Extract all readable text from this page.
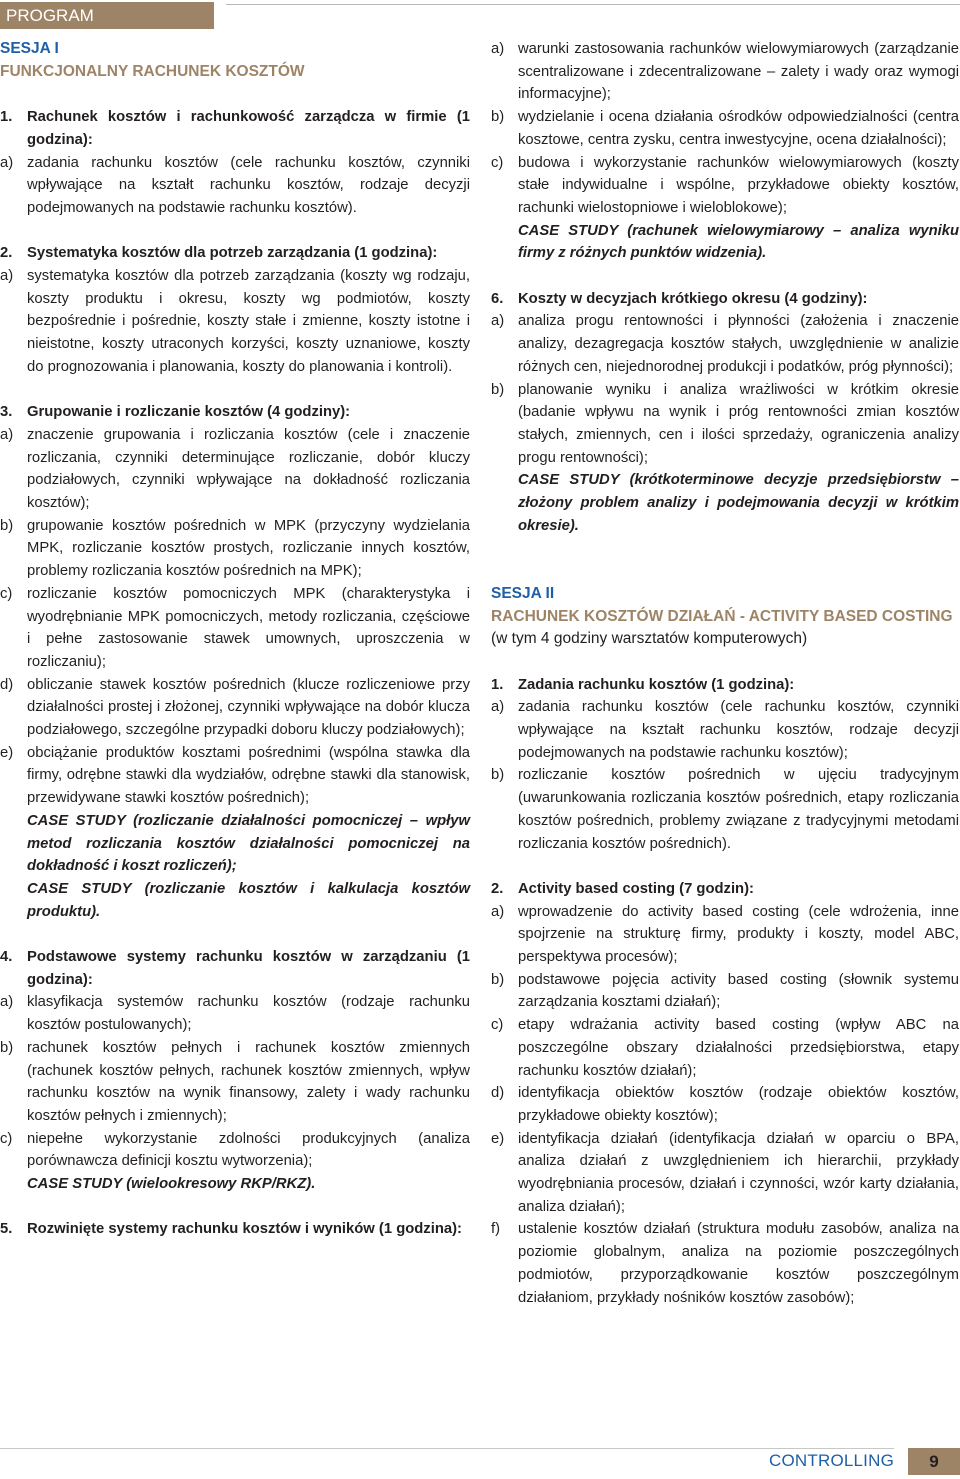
PROGRAM
SESJA I
FUNKCJONALNY RACHUNEK KOSZTÓW
1. Rachunek kosztów i rachunkowość zarządcza w firmie (1 godzina):
a) zadania rachunku kosztów (cele rachunku kosztów, czynniki wpływające na kształt rachunku kosztów, rodzaje decyzji podejmowanych na podstawie rachunku kosztów).
2. Systematyka kosztów dla potrzeb zarządzania (1 godzina):
a) systematyka kosztów dla potrzeb zarządzania (koszty wg rodzaju, koszty produktu i okresu, koszty wg podmiotów, koszty bezpośrednie i pośrednie, koszty stałe i zmienne, koszty istotne i nieistotne, koszty utraconych korzyści, koszty uznaniowe, koszty do prognozowania i planowania, koszty do planowania i kontroli).
3. Grupowanie i rozliczanie kosztów (4 godziny):
a) znaczenie grupowania i rozliczania kosztów (cele i znaczenie rozliczania, czynniki determinujące rozliczanie, dobór kluczy podziałowych, czynniki wpływające na dokładność rozliczania kosztów);
b) grupowanie kosztów pośrednich w MPK (przyczyny wydzielania MPK, rozliczanie kosztów prostych, rozliczanie innych kosztów, problemy rozliczania kosztów pośrednich na MPK);
c) rozliczanie kosztów pomocniczych MPK (charakterystyka i wyodrębnianie MPK pomocniczych, metody rozliczania, częściowe i pełne zastosowanie stawek umownych, uproszczenia w rozliczaniu);
d) obliczanie stawek kosztów pośrednich (klucze rozliczeniowe przy działalności prostej i złożonej, czynniki wpływające na dobór klucza podziałowego, szczególne przypadki doboru kluczy podziałowych);
e) obciążanie produktów kosztami pośrednimi (wspólna stawka dla firmy, odrębne stawki dla wydziałów, odrębne stawki dla stanowisk, przewidywane stawki kosztów pośrednich);
CASE STUDY (rozliczanie działalności pomocniczej – wpływ metod rozliczania kosztów działalności pomocniczej na dokładność i koszt rozliczeń);
CASE STUDY (rozliczanie kosztów i kalkulacja kosztów produktu).
4. Podstawowe systemy rachunku kosztów w zarządzaniu (1 godzina):
a) klasyfikacja systemów rachunku kosztów (rodzaje rachunku kosztów postulowanych);
b) rachunek kosztów pełnych i rachunek kosztów zmiennych (rachunek kosztów pełnych, rachunek kosztów zmiennych, wpływ rachunku kosztów na wynik finansowy, zalety i wady rachunku kosztów pełnych i zmiennych);
c) niepełne wykorzystanie zdolności produkcyjnych (analiza porównawcza definicji kosztu wytworzenia);
CASE STUDY (wielookresowy RKP/RKZ).
5. Rozwinięte systemy rachunku kosztów i wyników (1 godzina):
a) warunki zastosowania rachunków wielowymiarowych (zarządzanie scentralizowane i zdecentralizowane – zalety i wady oraz wymogi informacyjne);
b) wydzielanie i ocena działania ośrodków odpowiedzialności (centra kosztowe, centra zysku, centra inwestycyjne, ocena działalności);
c) budowa i wykorzystanie rachunków wielowymiarowych (koszty stałe indywidualne i wspólne, przykładowe obiekty kosztów, rachunki wielostopniowe i wieloblokowe);
CASE STUDY (rachunek wielowymiarowy – analiza wyniku firmy z różnych punktów widzenia).
6. Koszty w decyzjach krótkiego okresu (4 godziny):
a) analiza progu rentowności i płynności (założenia i znaczenie analizy, dezagregacja kosztów stałych, uwzględnienie w analizie różnych cen, niejednorodnej produkcji i podatków, próg płynności);
b) planowanie wyniku i analiza wrażliwości w krótkim okresie (badanie wpływu na wynik i próg rentowności zmian kosztów stałych, zmiennych, cen i ilości sprzedaży, ograniczenia analizy progu rentowności);
CASE STUDY (krótkoterminowe decyzje przedsiębiorstw – złożony problem analizy i podejmowania decyzji w krótkim okresie).
SESJA II
RACHUNEK KOSZTÓW DZIAŁAŃ - ACTIVITY BASED COSTING (w tym 4 godziny warsztatów komputerowych)
1. Zadania rachunku kosztów (1 godzina):
a) zadania rachunku kosztów (cele rachunku kosztów, czynniki wpływające na kształt rachunku kosztów, rodzaje decyzji podejmowanych na podstawie rachunku kosztów);
b) rozliczanie kosztów pośrednich w ujęciu tradycyjnym (uwarunkowania rozliczania kosztów pośrednich, etapy rozliczania kosztów pośrednich, problemy związane z tradycyjnymi metodami rozliczania kosztów pośrednich).
2. Activity based costing (7 godzin):
a) wprowadzenie do activity based costing (cele wdrożenia, inne spojrzenie na strukturę firmy, produkty i koszty, model ABC, perspektywa procesów);
b) podstawowe pojęcia activity based costing (słownik systemu zarządzania kosztami działań);
c) etapy wdrażania activity based costing (wpływ ABC na poszczególne obszary działalności przedsiębiorstwa, etapy rachunku kosztów działań);
d) identyfikacja obiektów kosztów (rodzaje obiektów kosztów, przykładowe obiekty kosztów);
e) identyfikacja działań (identyfikacja działań w oparciu o BPA, analiza działań z uwzględnieniem ich hierarchii, przykłady wyodrębniania procesów, działań i czynności, wzór karty działania, analiza działań);
f) ustalenie kosztów działań (struktura modułu zasobów, analiza na poziomie globalnym, analiza na poziomie poszczególnych podmiotów, przyporządkowanie kosztów poszczególnym działaniom, przykłady nośników kosztów zasobów);
CONTROLLING	9
